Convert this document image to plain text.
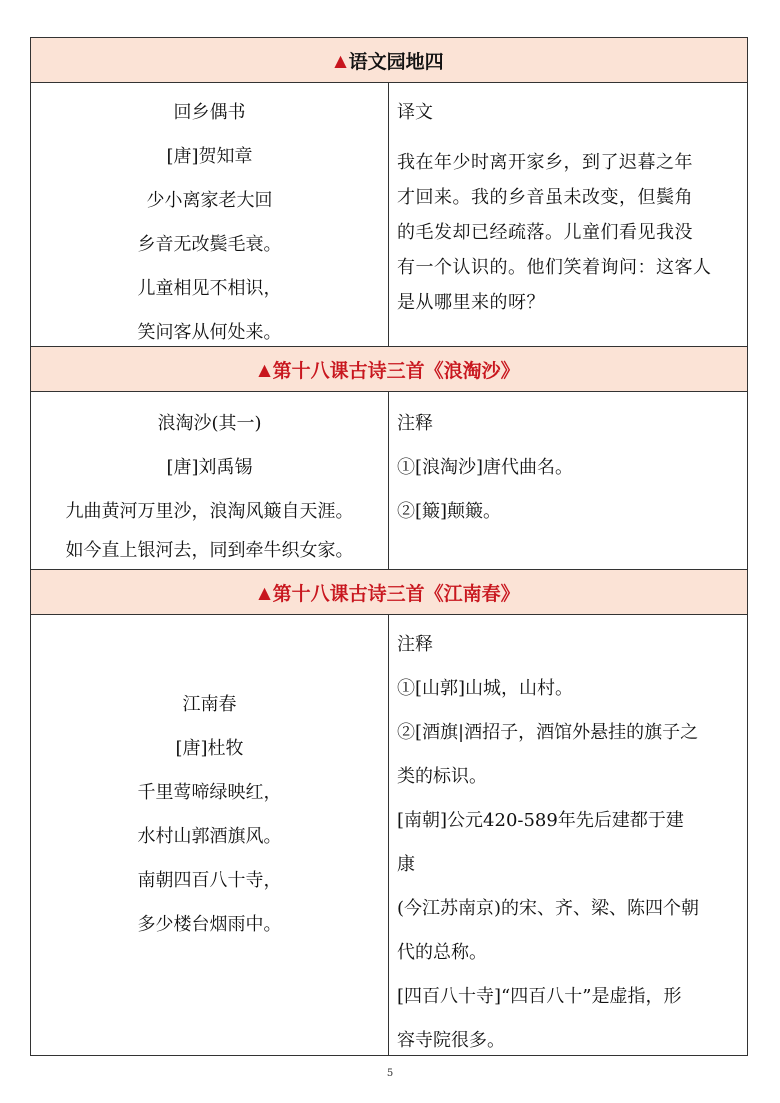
▲ 语文园地四
回乡偶书
[唐]贺知章
少小离家老大回
乡音无改鬓毛衰。
儿童相见不相识，
笑问客从何处来。
译文
我在年少时离开家乡，到了迟暮之年
才回来。我的乡音虽未改变，但鬓角
的毛发却已经疏落。儿童们看见我没
有一个认识的。他们笑着询问：这客人
是从哪里来的呀？
▲ 第十八课古诗三首《浪淘沙》
浪淘沙(其一)
[唐]刘禹锡
九曲黄河万里沙，浪淘风簸自天涯。
如今直上银河去，同到牵牛织女家。
注释
①[浪淘沙]唐代曲名。
②[簸]颠簸。
▲ 第十八课古诗三首《江南春》
江南春
[唐]杜牧
千里莺啼绿映红，
水村山郭酒旗风。
南朝四百八十寺，
多少楼台烟雨中。
注释
①[山郭]山城，山村。
②[酒旗|酒招子，酒馆外悬挂的旗子之
类的标识。
[南朝]公元420-589年先后建都于建
康
(今江苏南京)的宋、齐、梁、陈四个朝
代的总称。
[四百八十寺]“四百八十”是虚指，形
容寺院很多。
5
